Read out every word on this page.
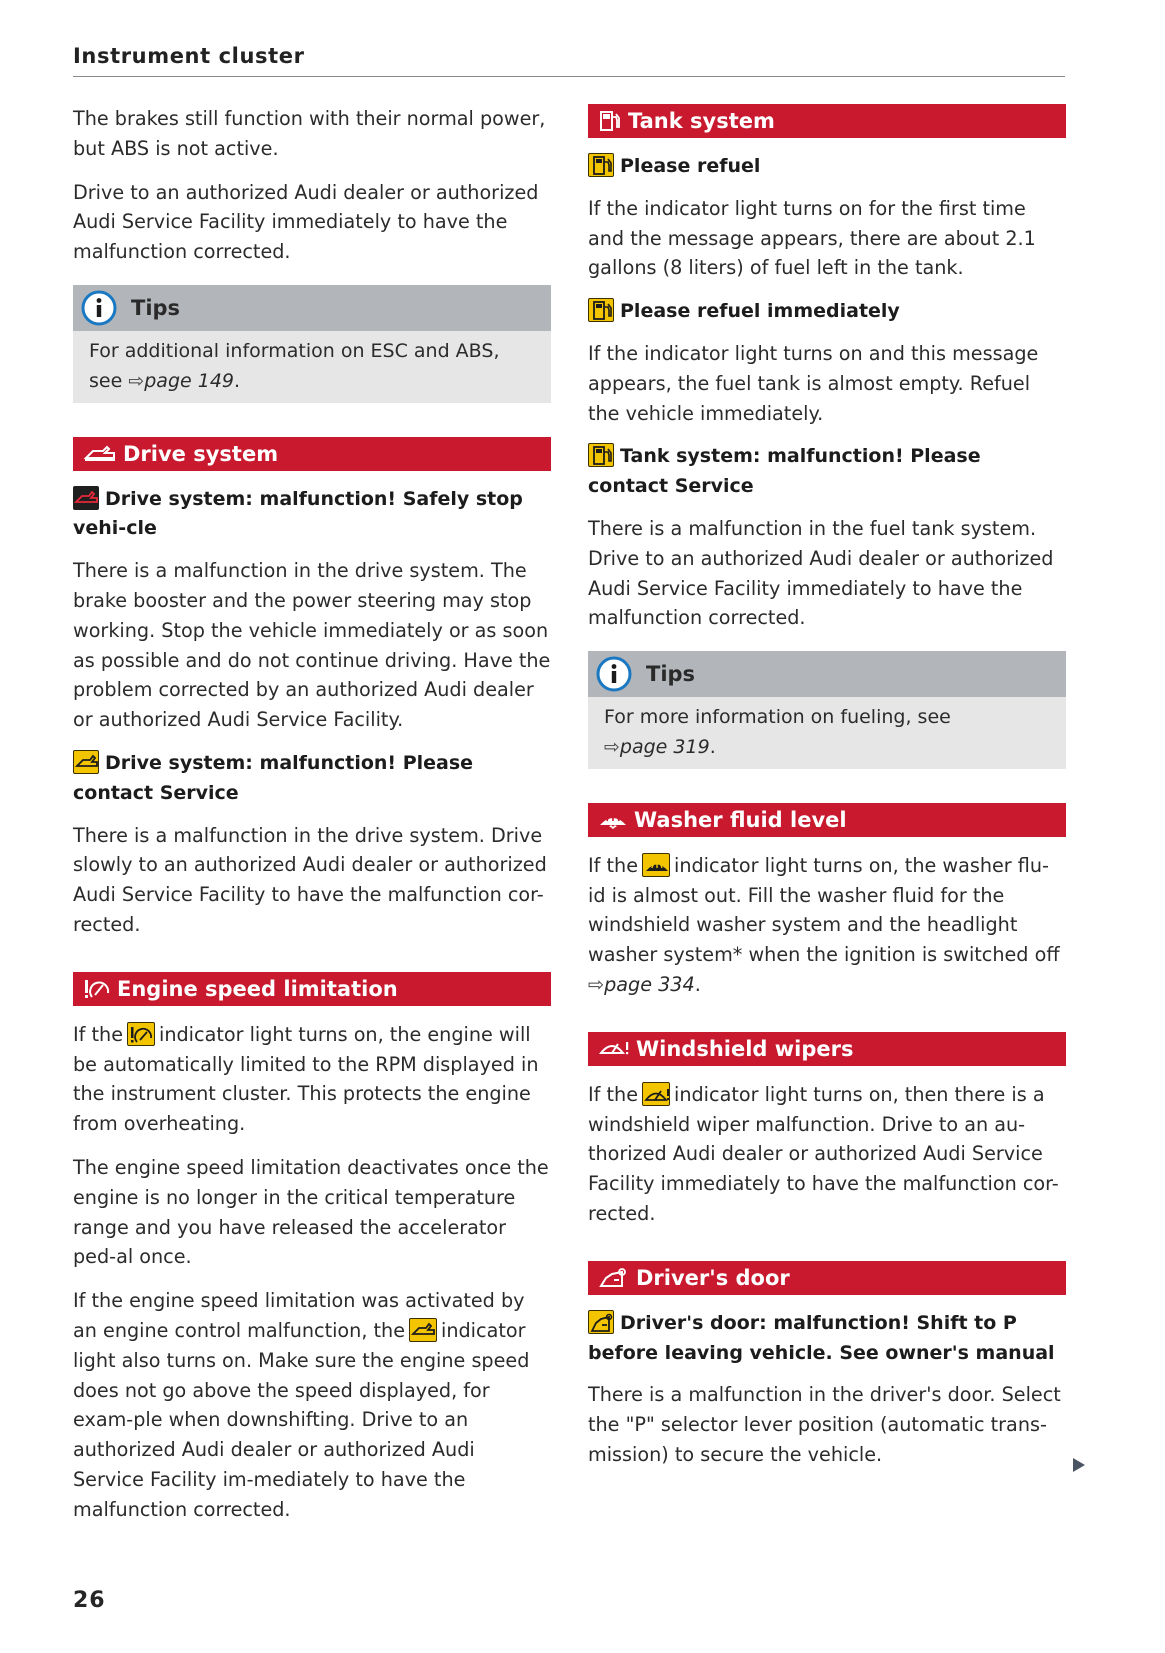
Instrument cluster

The brakes still function with their normal power, but ABS is not active.

Drive to an authorized Audi dealer or authorized Audi Service Facility immediately to have the malfunction corrected.

Tips
For additional information on ESC and ABS, see ⇨page 149.
Drive system
Drive system: malfunction! Safely stop vehi-cle

There is a malfunction in the drive system. The brake booster and the power steering may stop working. Stop the vehicle immediately or as soon as possible and do not continue driving. Have the problem corrected by an authorized Audi dealer or authorized Audi Service Facility.

Drive system: malfunction! Please contact Service

There is a malfunction in the drive system. Drive slowly to an authorized Audi dealer or authorized Audi Service Facility to have the malfunction cor-rected.

Engine speed limitation

If the indicator light turns on, the engine will be automatically limited to the RPM displayed in the instrument cluster. This protects the engine from overheating.

The engine speed limitation deactivates once the engine is no longer in the critical temperature range and you have released the accelerator ped-al once.

If the engine speed limitation was activated by an engine control malfunction, the indicator light also turns on. Make sure the engine speed does not go above the speed displayed, for exam-ple when downshifting. Drive to an authorized Audi dealer or authorized Audi Service Facility im-mediately to have the malfunction corrected.

Tank system
Please refuel

If the indicator light turns on for the first time and the message appears, there are about 2.1 gallons (8 liters) of fuel left in the tank.

Please refuel immediately

If the indicator light turns on and this message appears, the fuel tank is almost empty. Refuel the vehicle immediately.

Tank system: malfunction! Please contact Service

There is a malfunction in the fuel tank system. Drive to an authorized Audi dealer or authorized Audi Service Facility immediately to have the malfunction corrected.

Tips
For more information on fueling, see
⇨page 319.
Washer fluid level

If the indicator light turns on, the washer flu-id is almost out. Fill the washer fluid for the windshield washer system and the headlight washer system* when the ignition is switched off
⇨page 334.

Windshield wipers

If the indicator light turns on, then there is a windshield wiper malfunction. Drive to an au-thorized Audi dealer or authorized Audi Service Facility immediately to have the malfunction cor-rected.

Driver's door
Driver's door: malfunction! Shift to P before leaving vehicle. See owner's manual

There is a malfunction in the driver's door. Select the "P" selector lever position (automatic trans-mission) to secure the vehicle.

26
